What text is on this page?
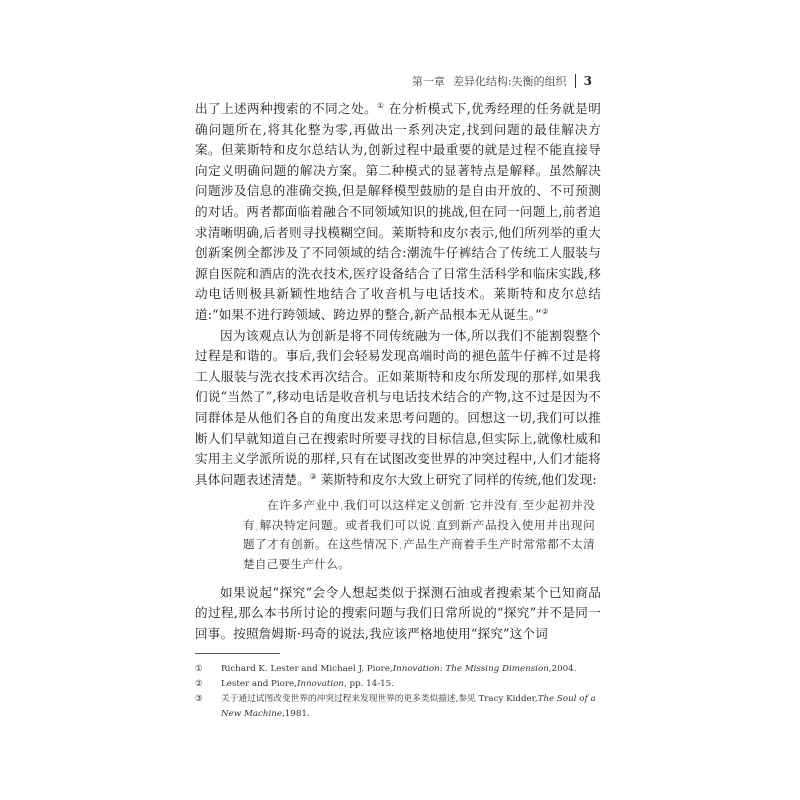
第一章 差异化结构:失衡的组织 3

出了上述两种搜索的不同之处。① 在分析模式下,优秀经理的任务就是明确问题所在,将其化整为零,再做出一系列决定,找到问题的最佳解决方案。但莱斯特和皮尔总结认为,创新过程中最重要的就是过程不能直接导向定义明确问题的解决方案。第二种模式的显著特点是解释。虽然解决问题涉及信息的准确交换,但是解释模型鼓励的是自由开放的、不可预测的对话。两者都面临着融合不同领域知识的挑战,但在同一问题上,前者追求清晰明确,后者则寻找模糊空间。莱斯特和皮尔表示,他们所列举的重大创新案例全都涉及了不同领域的结合:潮流牛仔裤结合了传统工人服装与源自医院和酒店的洗衣技术,医疗设备结合了日常生活科学和临床实践,移动电话则极具新颖性地结合了收音机与电话技术。莱斯特和皮尔总结道:“如果不进行跨领域、跨边界的整合,新产品根本无从诞生。”②

因为该观点认为创新是将不同传统融为一体,所以我们不能割裂整个过程是和谐的。事后,我们会轻易发现高端时尚的褪色蓝牛仔裤不过是将工人服装与洗衣技术再次结合。正如莱斯特和皮尔所发现的那样,如果我们说“当然了”,移动电话是收音机与电话技术结合的产物,这不过是因为不同群体是从他们各自的角度出发来思考问题的。回想这一切,我们可以推断人们早就知道自己在搜索时所要寻找的目标信息,但实际上,就像杜威和实用主义学派所说的那样,只有在试图改变世界的冲突过程中,人们才能将具体问题表述清楚。③ 莱斯特和皮尔大致上研究了同样的传统,他们发现:

在许多产业中,我们可以这样定义创新:它并没有,至少起初并没有,解决特定问题。或者我们可以说:直到新产品投入使用并出现问题了才有创新。在这些情况下,产品生产商着手生产时常常都不太清楚自己要生产什么。

如果说起“探究”会令人想起类似于探测石油或者搜索某个已知商品的过程,那么本书所讨论的搜索问题与我们日常所说的“探究”并不是同一回事。按照詹姆斯·玛奇的说法,我应该严格地使用“探究”这个词

①	Richard K. Lester and Michael J. Piore,Innovation: The Missing Dimension,2004.

②	Lester and Piore,Innovation, pp. 14-15.

③	关于通过试图改变世界的冲突过程来发现世界的更多类似描述,参见 Tracy Kidder,The Soul of a New Machine,1981.
